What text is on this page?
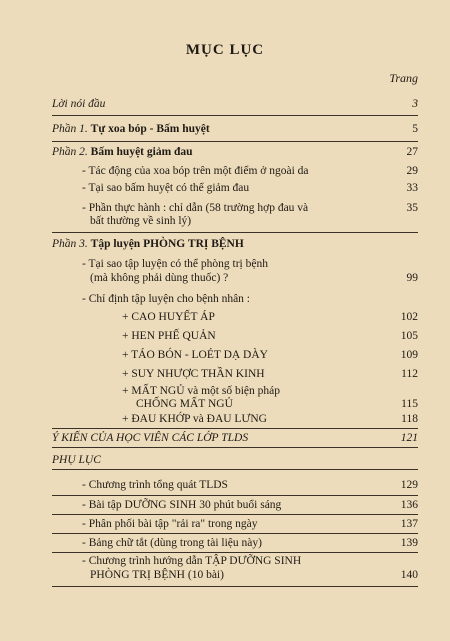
MỤC LỤC
Trang
Lời nói đầu	3
Phần 1. Tự xoa bóp - Bấm huyệt	5
Phần 2. Bấm huyệt giảm đau	27
- Tác động của xoa bóp trên một điểm ở ngoài da	29
- Tại sao bấm huyệt có thể giảm đau	33
- Phần thực hành : chỉ dẫn (58 trường hợp đau và	35
bất thường về sinh lý)
Phần 3. Tập luyện PHÒNG TRỊ BỆNH
- Tại sao tập luyện có thể phòng trị bệnh
(mà không phải dùng thuốc) ?	99
- Chỉ định tập luyện cho bệnh nhân :
+ CAO HUYẾT ÁP	102
+ HEN PHẾ QUẢN	105
+ TÁO BÓN - LOÉT DẠ DÀY	109
+ SUY NHƯỢC THẦN KINH	112
+ MẤT NGỦ và một số biện pháp
CHỐNG MẤT NGỦ	115
+ ĐAU KHỚP và ĐAU LƯNG	118
Ý KIẾN CỦA HỌC VIÊN CÁC LỚP TLDS	121
PHỤ LỤC
- Chương trình tổng quát TLDS	129
- Bài tập DƯỠNG SINH 30 phút buổi sáng	136
- Phân phối bài tập "rải ra" trong ngày	137
- Bảng chữ tắt (dùng trong tài liệu này)	139
- Chương trình hướng dẫn TẬP DƯỠNG SINH
PHÒNG TRỊ BỆNH (10 bài)	140
